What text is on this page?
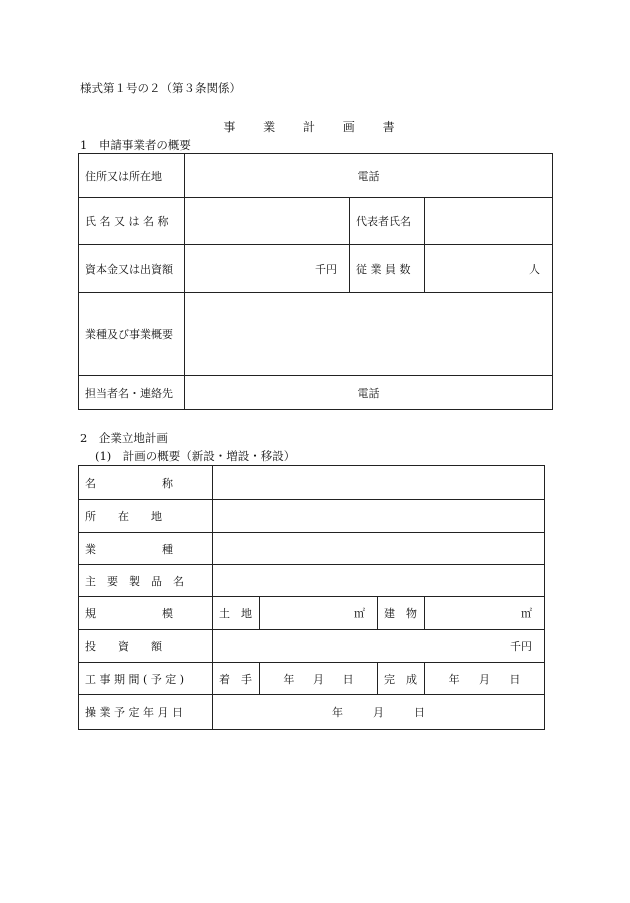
様式第１号の２（第３条関係）
事 業 計 画 書
1　申請事業者の概要
住所又は所在地	電話		
氏 名 又 は 名 称		代表者氏名	
資本金又は出資額	千円	従 業 員 数	人
業種及び事業概要			
担当者名・連絡先	電話		
2　企業立地計画
(1)　計画の概要（新設・増設・移設）
名　　　　　　称				
所　　在　　地				
業　　　　　　種				
主　要　製　品　名				
規　　　　　　模	土　地	㎡	建　物	㎡
投　　資　　額	千円			
工 事 期 間 ( 予 定 )	着　手	年 月 日	完　成	年 月 日

操 業 予 定 年 月 日	年 月 日			
